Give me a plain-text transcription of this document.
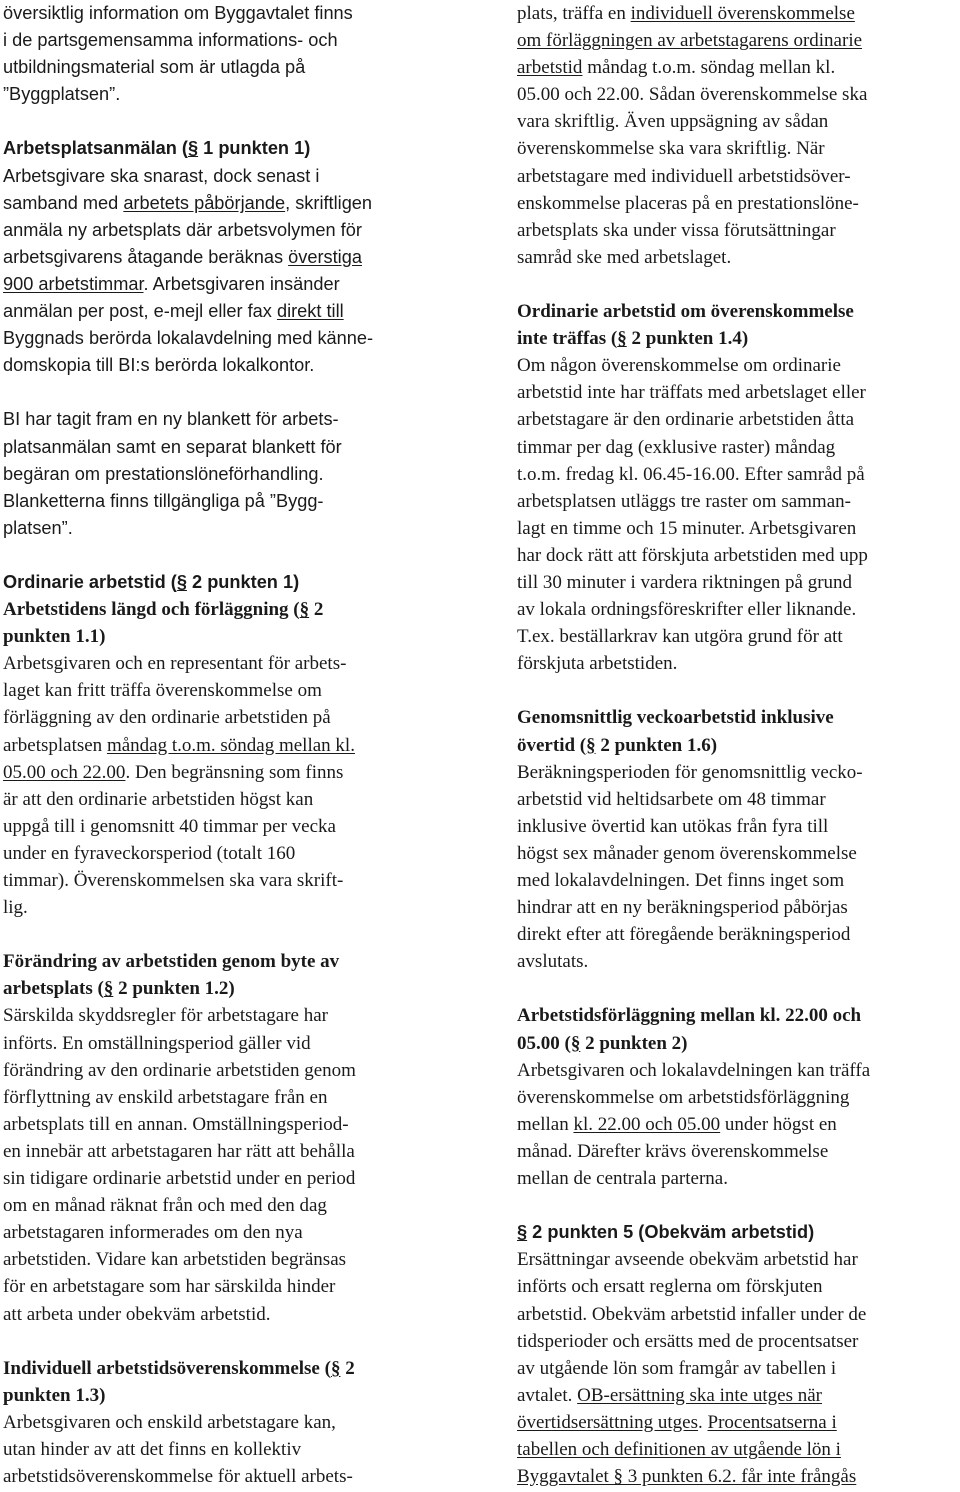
översiktlig information om Byggavtalet finns
i de partsgemensamma informations- och
utbildningsmaterial som är utlagda på
”Byggplatsen”.
Arbetsplatsanmälan (§ 1 punkten 1)
Arbetsgivare ska snarast, dock senast i
samband med arbetets påbörjande, skriftligen
anmäla ny arbetsplats där arbetsvolymen för
arbetsgivarens åtagande beräknas överstiga
900 arbetstimmar. Arbetsgivaren insänder
anmälan per post, e-mejl eller fax direkt till
Byggnads berörda lokalavdelning med känne-
domskopia till BI:s berörda lokalkontor.
BI har tagit fram en ny blankett för arbets-
platsanmälan samt en separat blankett för
begäran om prestationslöneförhandling.
Blanketterna finns tillgängliga på ”Bygg-
platsen”.
Ordinarie arbetstid (§ 2 punkten 1)
Arbetstidens längd och förläggning (§ 2
punkten 1.1)
Arbetsgivaren och en representant för arbets-
laget kan fritt träffa överenskommelse om
förläggning av den ordinarie arbetstiden på
arbetsplatsen måndag t.o.m. söndag mellan kl.
05.00 och 22.00. Den begränsning som finns
är att den ordinarie arbetstiden högst kan
uppgå till i genomsnitt 40 timmar per vecka
under en fyraveckorsperiod (totalt 160
timmar). Överenskommelsen ska vara skrift-
lig.
Förändring av arbetstiden genom byte av
arbetsplats (§ 2 punkten 1.2)
Särskilda skyddsregler för arbetstagare har
införts. En omställningsperiod gäller vid
förändring av den ordinarie arbetstiden genom
förflyttning av enskild arbetstagare från en
arbetsplats till en annan. Omställningsperiod-
en innebär att arbetstagaren har rätt att behålla
sin tidigare ordinarie arbetstid under en period
om en månad räknat från och med den dag
arbetstagaren informerades om den nya
arbetstiden. Vidare kan arbetstiden begränsas
för en arbetstagare som har särskilda hinder
att arbeta under obekväm arbetstid.
Individuell arbetstidsöverenskommelse (§ 2
punkten 1.3)
Arbetsgivaren och enskild arbetstagare kan,
utan hinder av att det finns en kollektiv
arbetstidsöverenskommelse för aktuell arbets-
plats, träffa en individuell överenskommelse
om förläggningen av arbetstagarens ordinarie
arbetstid måndag t.o.m. söndag mellan kl.
05.00 och 22.00. Sådan överenskommelse ska
vara skriftlig. Även uppsägning av sådan
överenskommelse ska vara skriftlig. När
arbetstagare med individuell arbetstidsöver-
enskommelse placeras på en prestationslöne-
arbetsplats ska under vissa förutsättningar
samråd ske med arbetslaget.
Ordinarie arbetstid om överenskommelse
inte träffas (§ 2 punkten 1.4)
Om någon överenskommelse om ordinarie
arbetstid inte har träffats med arbetslaget eller
arbetstagare är den ordinarie arbetstiden åtta
timmar per dag (exklusive raster) måndag
t.o.m. fredag kl. 06.45-16.00. Efter samråd på
arbetsplatsen utläggs tre raster om samman-
lagt en timme och 15 minuter. Arbetsgivaren
har dock rätt att förskjuta arbetstiden med upp
till 30 minuter i vardera riktningen på grund
av lokala ordningsföreskrifter eller liknande.
T.ex. beställarkrav kan utgöra grund för att
förskjuta arbetstiden.
Genomsnittlig veckoarbetstid inklusive
övertid (§ 2 punkten 1.6)
Beräkningsperioden för genomsnittlig vecko-
arbetstid vid heltidsarbete om 48 timmar
inklusive övertid kan utökas från fyra till
högst sex månader genom överenskommelse
med lokalavdelningen. Det finns inget som
hindrar att en ny beräkningsperiod påbörjas
direkt efter att föregående beräkningsperiod
avslutats.
Arbetstidsförläggning mellan kl. 22.00 och
05.00 (§ 2 punkten 2)
Arbetsgivaren och lokalavdelningen kan träffa
överenskommelse om arbetstidsförläggning
mellan kl. 22.00 och 05.00 under högst en
månad. Därefter krävs överenskommelse
mellan de centrala parterna.
§ 2 punkten 5 (Obekväm arbetstid)
Ersättningar avseende obekväm arbetstid har
införts och ersatt reglerna om förskjuten
arbetstid. Obekväm arbetstid infaller under de
tidsperioder och ersätts med de procentsatser
av utgående lön som framgår av tabellen i
avtalet. OB-ersättning ska inte utges när
övertidsersättning utges. Procentsatserna i
tabellen och definitionen av utgående lön i
Byggavtalet § 3 punkten 6.2. får inte frångås
